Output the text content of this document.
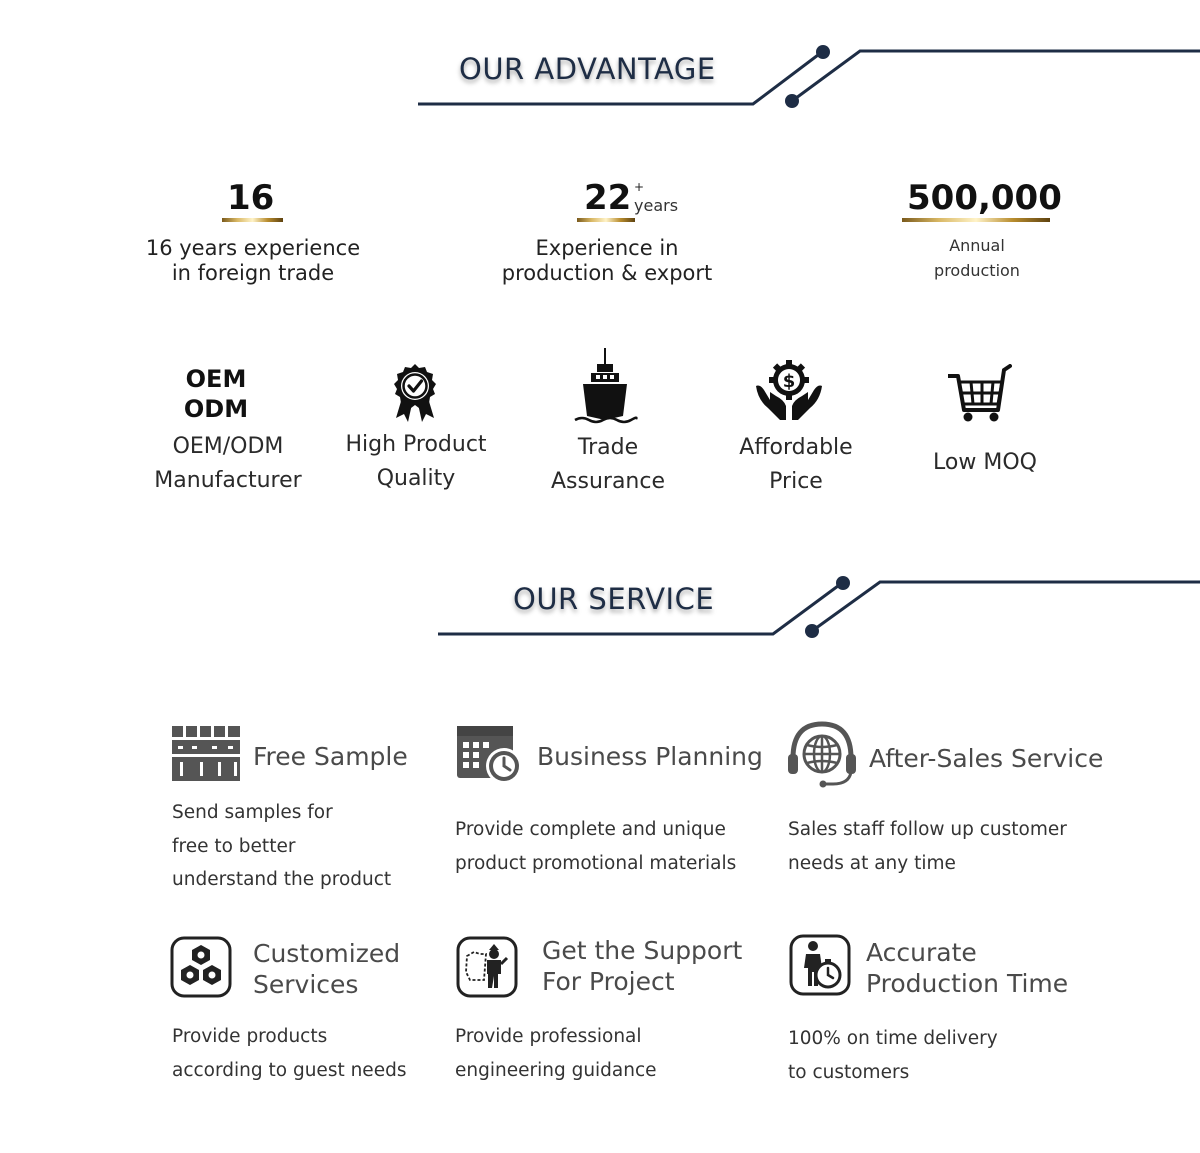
OUR ADVANTAGE
16
16 years experience
in foreign trade
22 +
years
Experience in
production & export
500,000
Annual
production
OEM
ODM
OEM/ODM
Manufacturer
High Product
Quality
Trade
Assurance
$
Affordable
Price
Low MOQ
OUR SERVICE
Free Sample
Send samples for
free to better
understand the product
Business Planning
Provide complete and unique
product promotional materials
After-Sales Service
Sales staff follow up customer
needs at any time
Customized
Services
Provide products
according to guest needs
Get the Support
For Project
Provide professional
engineering guidance
Accurate
Production Time
100% on time delivery
to customers
